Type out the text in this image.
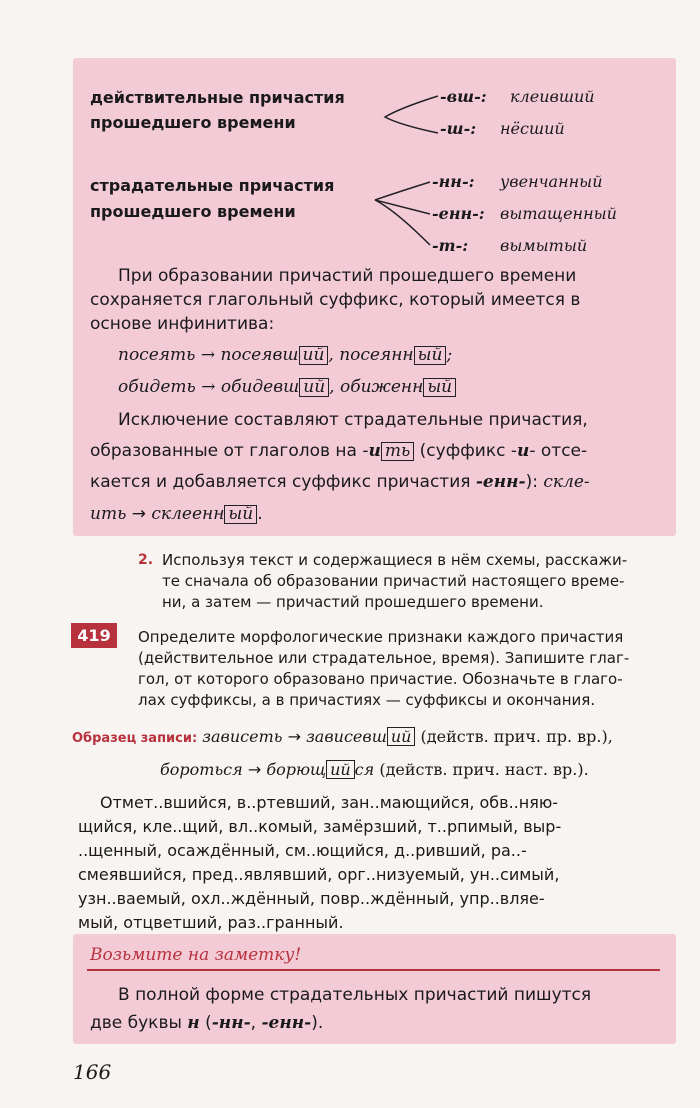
действительные причастия
прошедшего времени
-вш-: клеивший
-ш-: нёсший
страдательные причастия
прошедшего времени
-нн-: увенчанный
-енн-: вытащенный
-т-: вымытый
При образовании причастий прошедшего времени
сохраняется глагольный суффикс, который имеется в
основе инфинитива:
посеять → посеявш ий , посеянн ый ;
обидеть → обидевш ий , обиженн ый
Исключение составляют страдательные причастия,
образованные от глаголов на -и ть (суффикс -и- отсе-
кается и добавляется суффикс причастия -енн-): скле-
ить → склеенн ый .
2. Используя текст и содержащиеся в нём схемы, расскажи-
те сначала об образовании причастий настоящего време-
ни, а затем — причастий прошедшего времени.
419	Определите морфологические признаки каждого причастия
(действительное или страдательное, время). Запишите глаг-
гол, от которого образовано причастие. Обозначьте в глаго-
лах суффиксы, а в причастиях — суффиксы и окончания.
Образец записи: зависеть → зависевш ий (действ. прич. пр. вр.),
бороться → борющ ий ся (действ. прич. наст. вр.).
Отмет..вшийся, в..ртевший, зан..мающийся, обв..няю-
щийся, кле..щий, вл..комый, замёрзший, т..рпимый, выр-
..щенный, осаждённый, см..ющийся, д..ривший, ра..-
смеявшийся, пред..являвший, орг..низуемый, ун..симый,
узн..ваемый, охл..ждённый, повр..ждённый, упр..вляе-
мый, отцветший, раз..гранный.
Возьмите на заметку!
В полной форме страдательных причастий пишутся
две буквы н (-нн-, -енн-).
166
